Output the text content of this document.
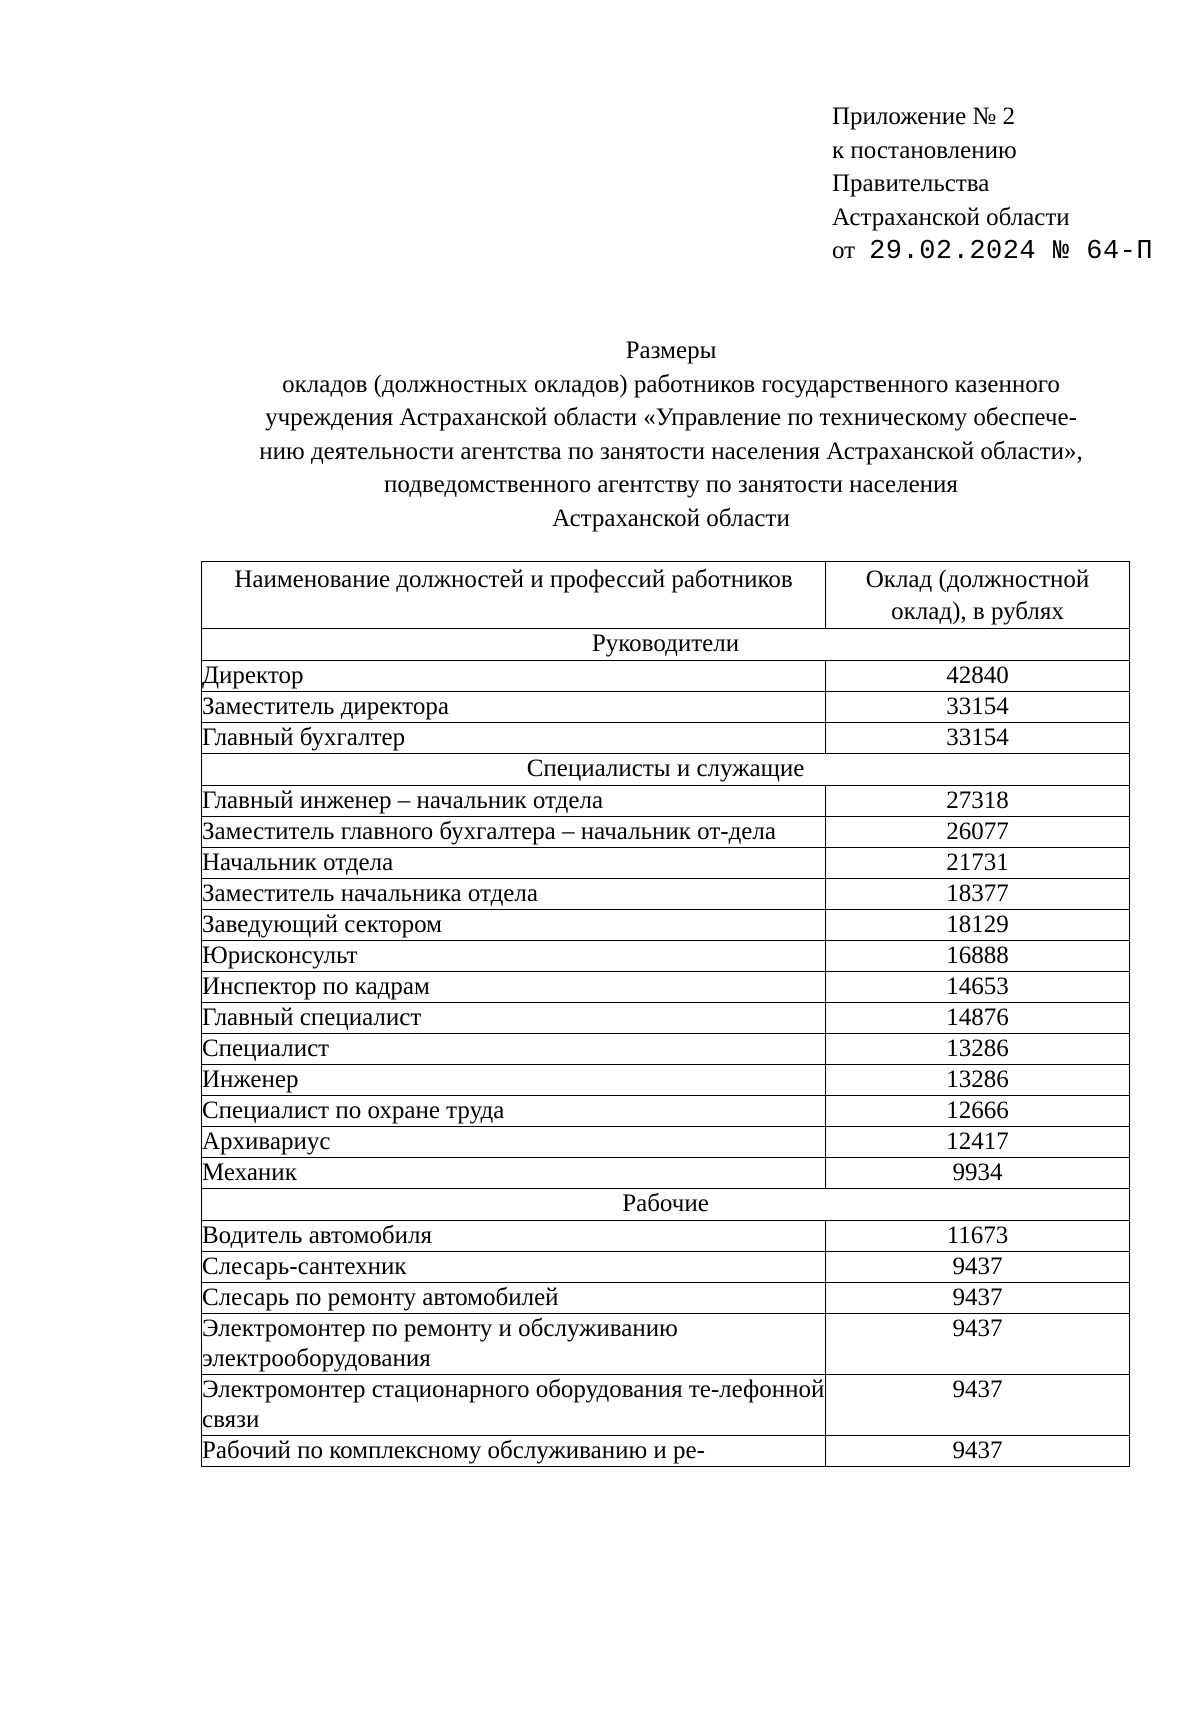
Приложение № 2
к постановлению
Правительства
Астраханской области
от 29.02.2024 № 64-П
Размеры
окладов (должностных окладов) работников государственного казенного
учреждения Астраханской области «Управление по техническому обеспече-
нию деятельности агентства по занятости населения Астраханской области»,
подведомственного агентству по занятости населения
Астраханской области
Наименование должностей и профессий работников	Оклад (должностной оклад), в рублях
Руководители	
Директор	42840
Заместитель директора	33154
Главный бухгалтер	33154
Специалисты и служащие	
Главный инженер – начальник отдела	27318
Заместитель главного бухгалтера – начальник от-дела	26077
Начальник отдела	21731
Заместитель начальника отдела	18377
Заведующий сектором	18129
Юрисконсульт	16888
Инспектор по кадрам	14653
Главный специалист	14876
Специалист	13286
Инженер	13286
Специалист по охране труда	12666
Архивариус	12417
Механик	9934
Рабочие	
Водитель автомобиля	11673
Слесарь-сантехник	9437
Слесарь по ремонту автомобилей	9437
Электромонтер по ремонту и обслуживанию электрооборудования	9437
Электромонтер стационарного оборудования те-лефонной связи	9437
Рабочий по комплексному обслуживанию и ре-	9437
